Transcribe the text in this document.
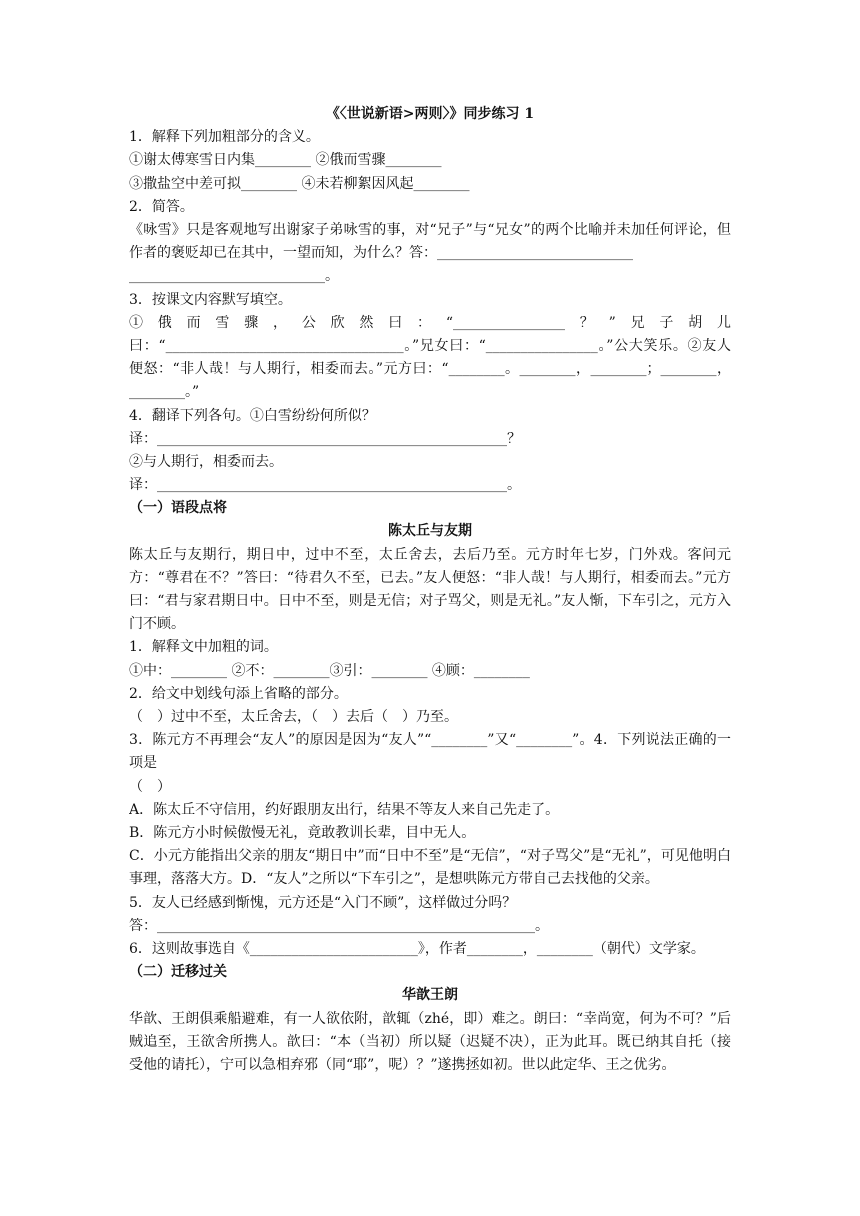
《〈世说新语>两则〉》同步练习 1
1．解释下列加粗部分的含义。
①谢太傅寒雪日内集________ ②俄而雪骤________
③撒盐空中差可拟________ ④未若柳絮因风起________
2．简答。
《咏雪》只是客观地写出谢家子弟咏雪的事，对“兄子”与“兄女”的两个比喻并未加任何评论，但作者的褒贬却已在其中，一望而知，为什么？答：____________________________
____________________________。
3．按课文内容默写填空。
①俄而雪骤，公欣然曰：“________________？”兄子胡儿曰：“__________________________________。”兄女曰：“________________。”公大笑乐。②友人便怒：“非人哉！与人期行，相委而去。”元方曰：“________。________，________；________，________。”
4．翻译下列各句。①白雪纷纷何所似？
译：__________________________________________________？
②与人期行，相委而去。
译：__________________________________________________。
（一）语段点将
陈太丘与友期
陈太丘与友期行，期日中，过中不至，太丘舍去，去后乃至。元方时年七岁，门外戏。客问元方：“尊君在不？”答曰：“待君久不至，已去。”友人便怒：“非人哉！与人期行，相委而去。”元方曰：“君与家君期日中。日中不至，则是无信；对子骂父，则是无礼。”友人惭，下车引之，元方入门不顾。
1．解释文中加粗的词。
①中：________ ②不：________③引：________ ④顾：________
2．给文中划线句添上省略的部分。
（　）过中不至，太丘舍去，（　）去后（　）乃至。
3．陈元方不再理会“友人”的原因是因为“友人”“________”又“________”。4．下列说法正确的一项是
（　）
A．陈太丘不守信用，约好跟朋友出行，结果不等友人来自己先走了。
B．陈元方小时候傲慢无礼，竟敢教训长辈，目中无人。
C．小元方能指出父亲的朋友“期日中”而“日中不至”是“无信”，“对子骂父”是“无礼”，可见他明白事理，落落大方。D．“友人”之所以“下车引之”，是想哄陈元方带自己去找他的父亲。
5．友人已经感到惭愧，元方还是“入门不顾”，这样做过分吗？
答：______________________________________________________。
6．这则故事选自《________________________》，作者________，________（朝代）文学家。
（二）迁移过关
华歆王朗
华歆、王朗俱乘船避难，有一人欲依附，歆辄（zhé，即）难之。朗曰：“幸尚宽，何为不可？”后贼追至，王欲舍所携人。歆曰：“本（当初）所以疑（迟疑不决），正为此耳。既已纳其自托（接受他的请托），宁可以急相弃邪（同“耶”，呢）？”遂携拯如初。世以此定华、王之优劣。
